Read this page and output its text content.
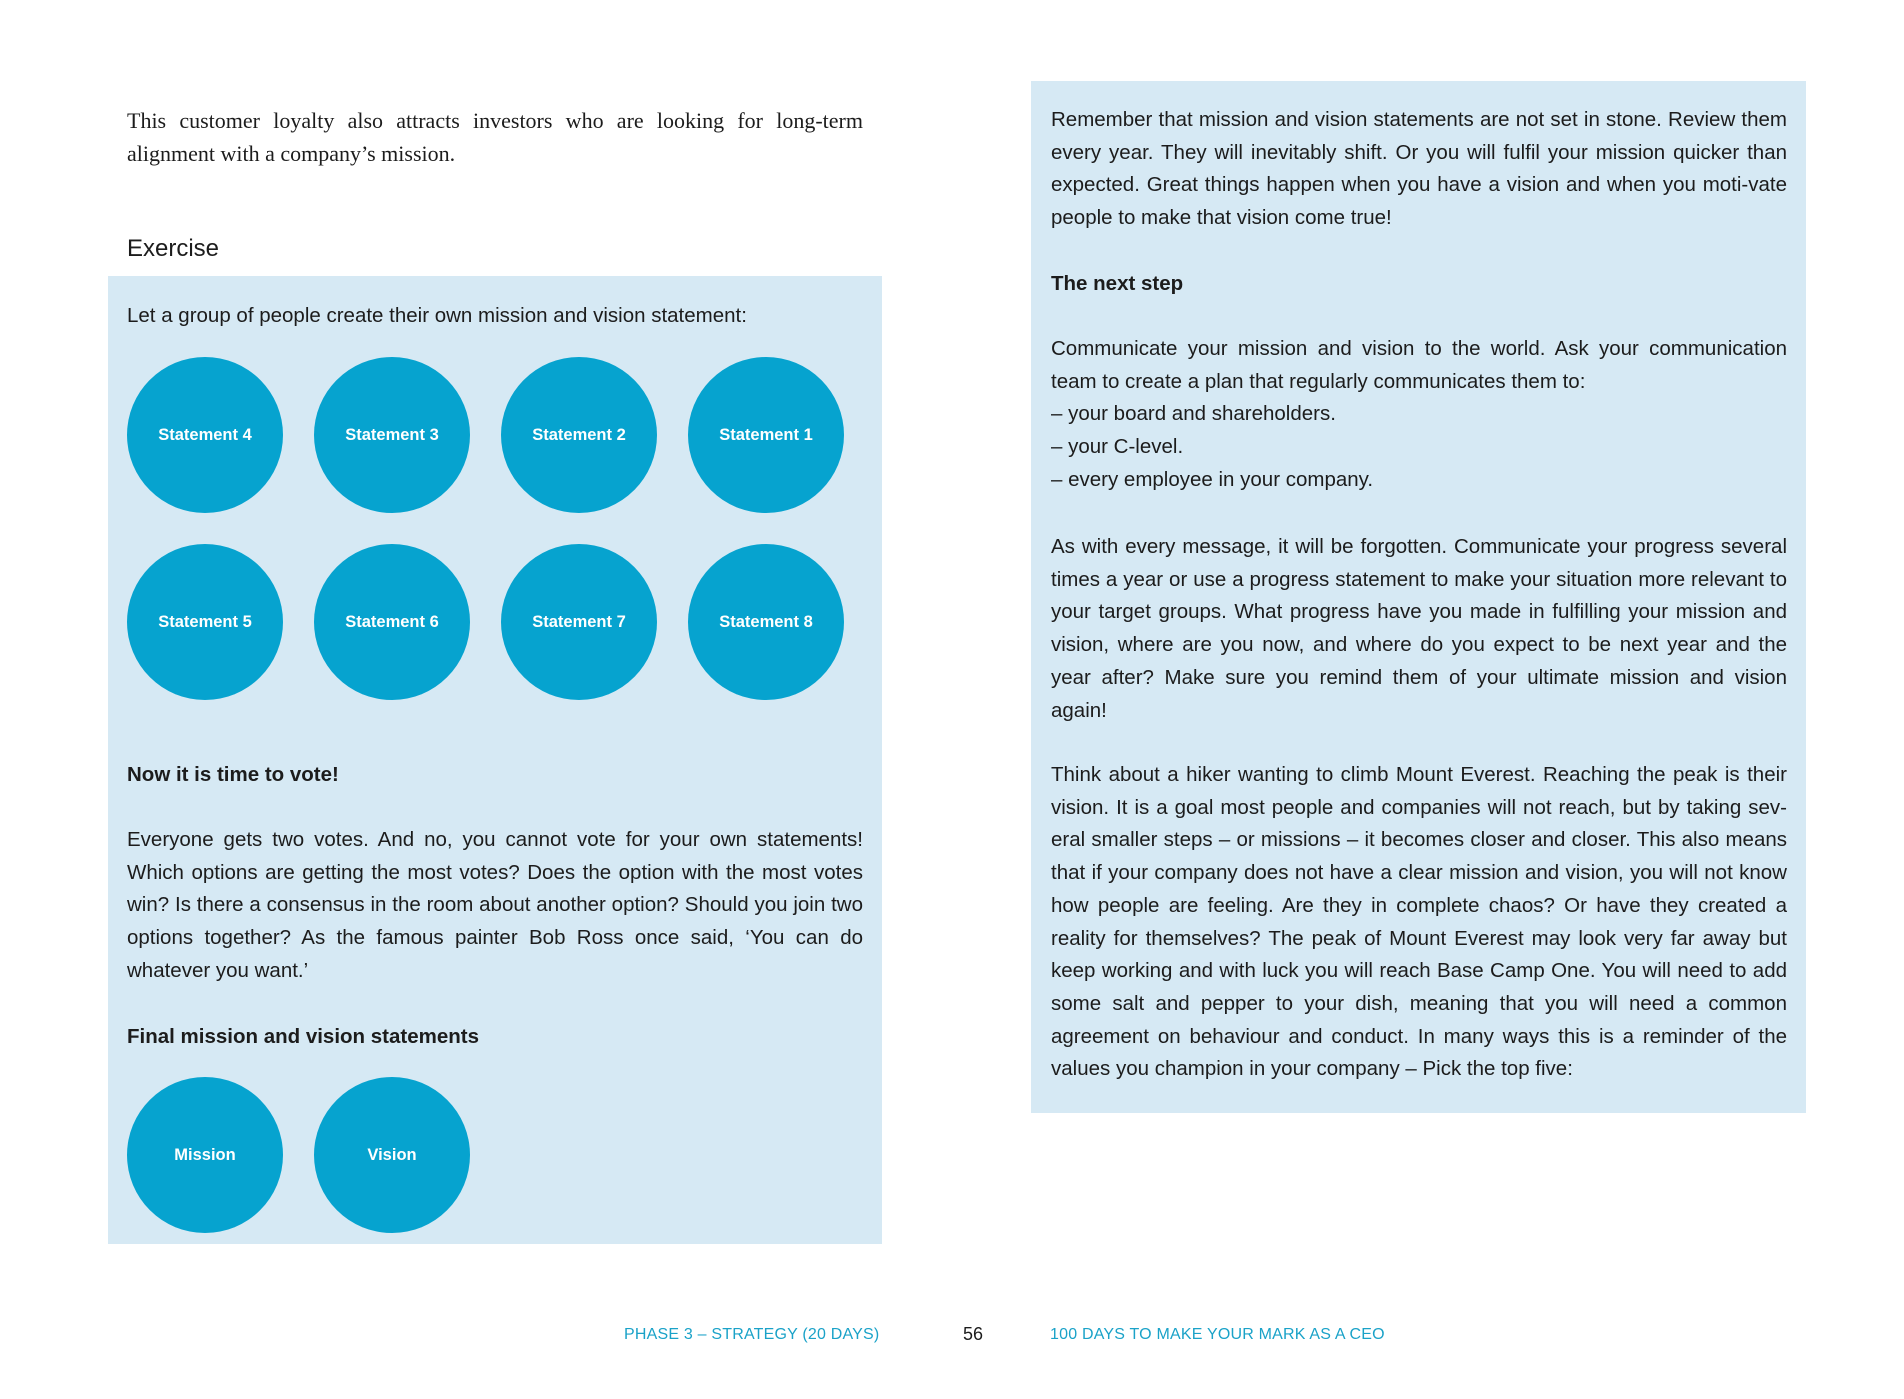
This customer loyalty also attracts investors who are looking for long-term alignment with a company’s mission.
Exercise
Let a group of people create their own mission and vision statement:
Statement 4	Statement 3	Statement 2	Statement 1
Statement 5	Statement 6	Statement 7	Statement 8
Now it is time to vote!
Everyone gets two votes. And no, you cannot vote for your own statements! Which options are getting the most votes? Does the option with the most votes win? Is there a consensus in the room about another option? Should you join two options together? As the famous painter Bob Ross once said, ‘You can do whatever you want.’
Final mission and vision statements
Mission	Vision
Remember that mission and vision statements are not set in stone. Review them every year. They will inevitably shift. Or you will fulfil your mission quicker than expected. Great things happen when you have a vision and when you moti-vate people to make that vision come true!
The next step
Communicate your mission and vision to the world. Ask your communication team to create a plan that regularly communicates them to:
– your board and shareholders.
– your C-level.
– every employee in your company.
As with every message, it will be forgotten. Communicate your progress several times a year or use a progress statement to make your situation more relevant to your target groups. What progress have you made in fulfilling your mission and vision, where are you now, and where do you expect to be next year and the year after? Make sure you remind them of your ultimate mission and vision again!
Think about a hiker wanting to climb Mount Everest. Reaching the peak is their vision. It is a goal most people and companies will not reach, but by taking sev-eral smaller steps – or missions – it becomes closer and closer. This also means that if your company does not have a clear mission and vision, you will not know how people are feeling. Are they in complete chaos? Or have they created a reality for themselves? The peak of Mount Everest may look very far away but keep working and with luck you will reach Base Camp One. You will need to add some salt and pepper to your dish, meaning that you will need a common agreement on behaviour and conduct. In many ways this is a reminder of the values you champion in your company – Pick the top five:
PHASE 3 – STRATEGY (20 DAYS)	56	100 DAYS TO MAKE YOUR MARK AS A CEO
